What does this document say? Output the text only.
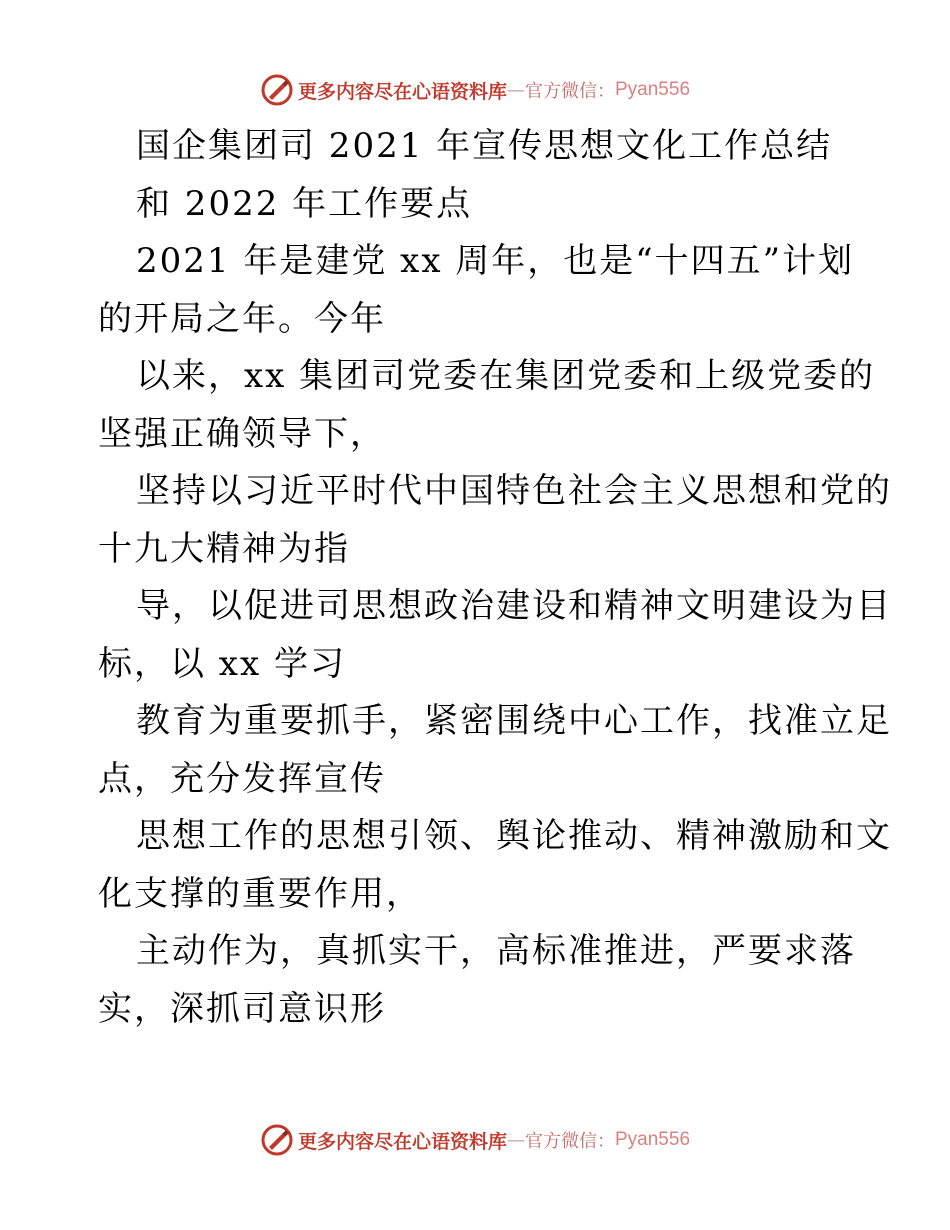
更多内容尽在心语资料库 — 官方微信： Pyan556
国企集团司 2021 年宣传思想文化工作总结
和 2022 年工作要点
2021 年是建党 xx 周年，也是“十四五”计划
的开局之年。今年
以来，xx 集团司党委在集团党委和上级党委的
坚强正确领导下，
坚持以习近平时代中国特色社会主义思想和党的
十九大精神为指
导，以促进司思想政治建设和精神文明建设为目
标，以 xx 学习
教育为重要抓手，紧密围绕中心工作，找准立足
点，充分发挥宣传
思想工作的思想引领、舆论推动、精神激励和文
化支撑的重要作用，
主动作为，真抓实干，高标准推进，严要求落
实，深抓司意识形
更多内容尽在心语资料库 — 官方微信： Pyan556
